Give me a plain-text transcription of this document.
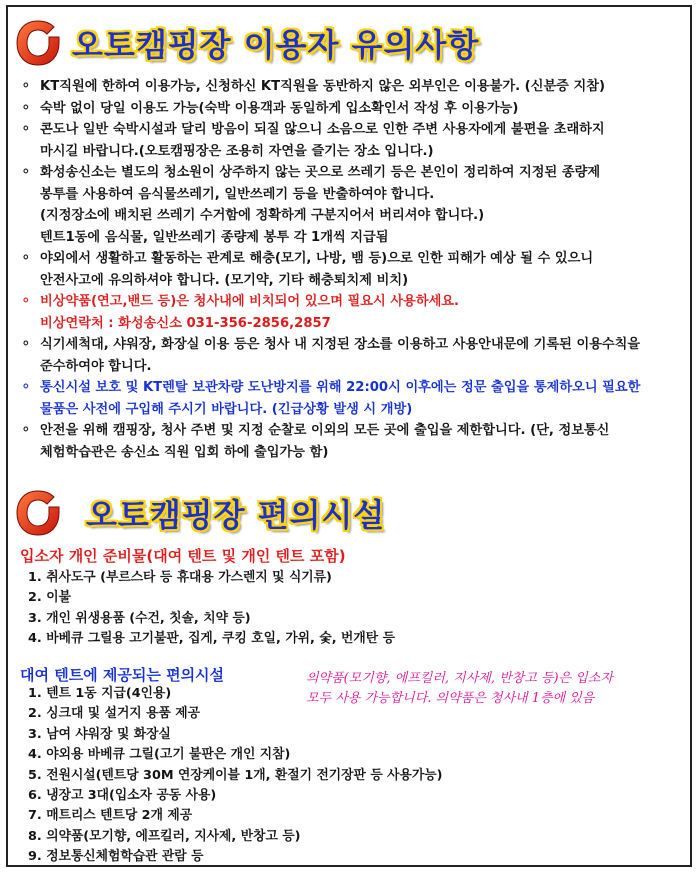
오토캠핑장 이용자 유의사항
⚬ KT직원에 한하여 이용가능, 신청하신 KT직원을 동반하지 않은 외부인은 이용불가. (신분증 지참)
⚬ 숙박 없이 당일 이용도 가능(숙박 이용객과 동일하게 입소확인서 작성 후 이용가능)
⚬ 콘도나 일반 숙박시설과 달리 방음이 되질 않으니 소음으로 인한 주변 사용자에게 불편을 초래하지
마시길 바랍니다.(오토캠핑장은 조용히 자연을 즐기는 장소 입니다.)
⚬ 화성송신소는 별도의 청소원이 상주하지 않는 곳으로 쓰레기 등은 본인이 정리하여 지정된 종량제
봉투를 사용하여 음식물쓰레기, 일반쓰레기 등을 반출하여야 합니다.
(지정장소에 배치된 쓰레기 수거함에 정확하게 구분지어서 버리셔야 합니다.)
텐트1동에 음식물, 일반쓰레기 종량제 봉투 각 1개씩 지급됨
⚬ 야외에서 생활하고 활동하는 관계로 해충(모기, 나방, 뱀 등)으로 인한 피해가 예상 될 수 있으니
안전사고에 유의하셔야 합니다. (모기약, 기타 해충퇴치제 비치)
⚬ 비상약품(연고,밴드 등)은 청사내에 비치되어 있으며 필요시 사용하세요.
비상연락처 : 화성송신소 031-356-2856,2857
⚬ 식기세척대, 샤워장, 화장실 이용 등은 청사 내 지정된 장소를 이용하고 사용안내문에 기록된 이용수칙을
준수하여야 합니다.
⚬ 통신시설 보호 및 KT렌탈 보관차량 도난방지를 위해 22:00시 이후에는 정문 출입을 통제하오니 필요한
물품은 사전에 구입해 주시기 바랍니다. (긴급상황 발생 시 개방)
⚬ 안전을 위해 캠핑장, 청사 주변 및 지정 순찰로 이외의 모든 곳에 출입을 제한합니다. (단, 정보통신
체험학습관은 송신소 직원 입회 하에 출입가능 함)
오토캠핑장 편의시설
입소자 개인 준비물(대여 텐트 및 개인 텐트 포함)
1. 취사도구 (부르스타 등 휴대용 가스렌지 및 식기류)
2. 이불
3. 개인 위생용품 (수건, 칫솔, 치약 등)
4. 바베큐 그릴용 고기불판, 집게, 쿠킹 호일, 가위, 숯, 번개탄 등
대여 텐트에 제공되는 편의시설
1. 텐트 1동 지급(4인용)
2. 싱크대 및 설거지 용품 제공
3. 남여 샤워장 및 화장실
4. 야외용 바베큐 그릴(고기 불판은 개인 지참)
5. 전원시설(텐트당 30M 연장케이블 1개, 환절기 전기장판 등 사용가능)
6. 냉장고 3대(입소자 공동 사용)
7. 매트리스 텐트당 2개 제공
8. 의약품(모기향, 에프킬러, 지사제, 반창고 등)
9. 정보통신체험학습관 관람 등
의약품(모기향, 에프킬러, 지사제, 반창고 등)은 입소자
모두 사용 가능합니다. 의약품은 청사내 1층에 있음
